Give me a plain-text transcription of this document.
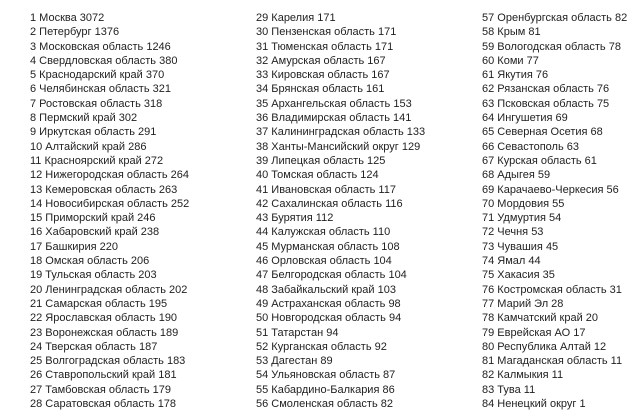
1 Москва 3072
2 Петербург 1376
3 Московская область 1246
4 Свердловская область 380
5 Краснодарский край 370
6 Челябинская область 321
7 Ростовская область 318
8 Пермский край 302
9 Иркутская область 291
10 Алтайский край 286
11 Красноярский край 272
12 Нижегородская область 264
13 Кемеровская область 263
14 Новосибирская область 252
15 Приморский край 246
16 Хабаровский край 238
17 Башкирия 220
18 Омская область 206
19 Тульская область 203
20 Ленинградская область 202
21 Самарская область 195
22 Ярославская область 190
23 Воронежская область 189
24 Тверская область 187
25 Волгоградская область 183
26 Ставропольский край 181
27 Тамбовская область 179
28 Саратовская область 178
29 Карелия 171
30 Пензенская область 171
31 Тюменская область 171
32 Амурская область 167
33 Кировская область 167
34 Брянская область 161
35 Архангельская область 153
36 Владимирская область 141
37 Калининградская область 133
38 Ханты-Мансийский округ 129
39 Липецкая область 125
40 Томская область 124
41 Ивановская область 117
42 Сахалинская область 116
43 Бурятия 112
44 Калужская область 110
45 Мурманская область 108
46 Орловская область 104
47 Белгородская область 104
48 Забайкальский край 103
49 Астраханская область 98
50 Новгородская область 94
51 Татарстан 94
52 Курганская область 92
53 Дагестан 89
54 Ульяновская область 87
55 Кабардино-Балкария 86
56 Смоленская область 82
57 Оренбургская область 82
58 Крым 81
59 Вологодская область 78
60 Коми 77
61 Якутия 76
62 Рязанская область 76
63 Псковская область 75
64 Ингушетия 69
65 Северная Осетия 68
66 Севастополь 63
67 Курская область 61
68 Адыгея 59
69 Карачаево-Черкесия 56
70 Мордовия 55
71 Удмуртия 54
72 Чечня 53
73 Чувашия 45
74 Ямал 44
75 Хакасия 35
76 Костромская область 31
77 Марий Эл 28
78 Камчатский край 20
79 Еврейская АО 17
80 Республика Алтай 12
81 Магаданская область 11
82 Калмыкия 11
83 Тува 11
84 Ненецкий округ 1
